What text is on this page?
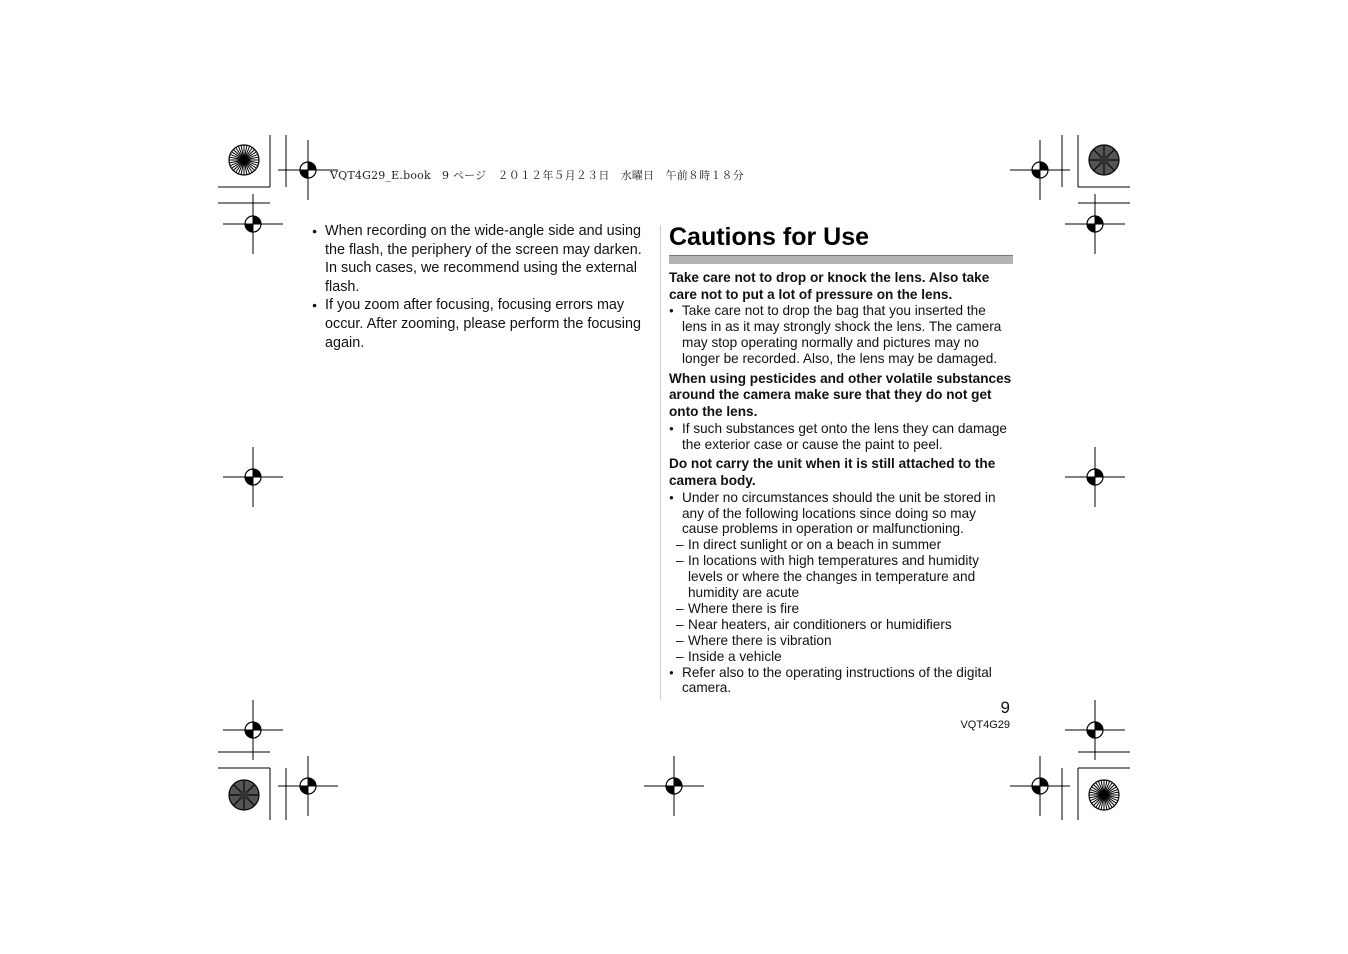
VQT4G29_E.book　9 ページ　２０１２年５月２３日　水曜日　午前８時１８分
● When recording on the wide-angle side and using the flash, the periphery of the screen may darken. In such cases, we recommend using the external flash.
● If you zoom after focusing, focusing errors may occur. After zooming, please perform the focusing again.
Cautions for Use
Take care not to drop or knock the lens. Also take care not to put a lot of pressure on the lens.
● Take care not to drop the bag that you inserted the lens in as it may strongly shock the lens. The camera may stop operating normally and pictures may no longer be recorded. Also, the lens may be damaged.
When using pesticides and other volatile substances around the camera make sure that they do not get onto the lens.
● If such substances get onto the lens they can damage the exterior case or cause the paint to peel.
Do not carry the unit when it is still attached to the camera body.
● Under no circumstances should the unit be stored in any of the following locations since doing so may cause problems in operation or malfunctioning.
– In direct sunlight or on a beach in summer
– In locations with high temperatures and humidity levels or where the changes in temperature and humidity are acute
– Where there is fire
– Near heaters, air conditioners or humidifiers
– Where there is vibration
– Inside a vehicle
● Refer also to the operating instructions of the digital camera.
9
VQT4G29
